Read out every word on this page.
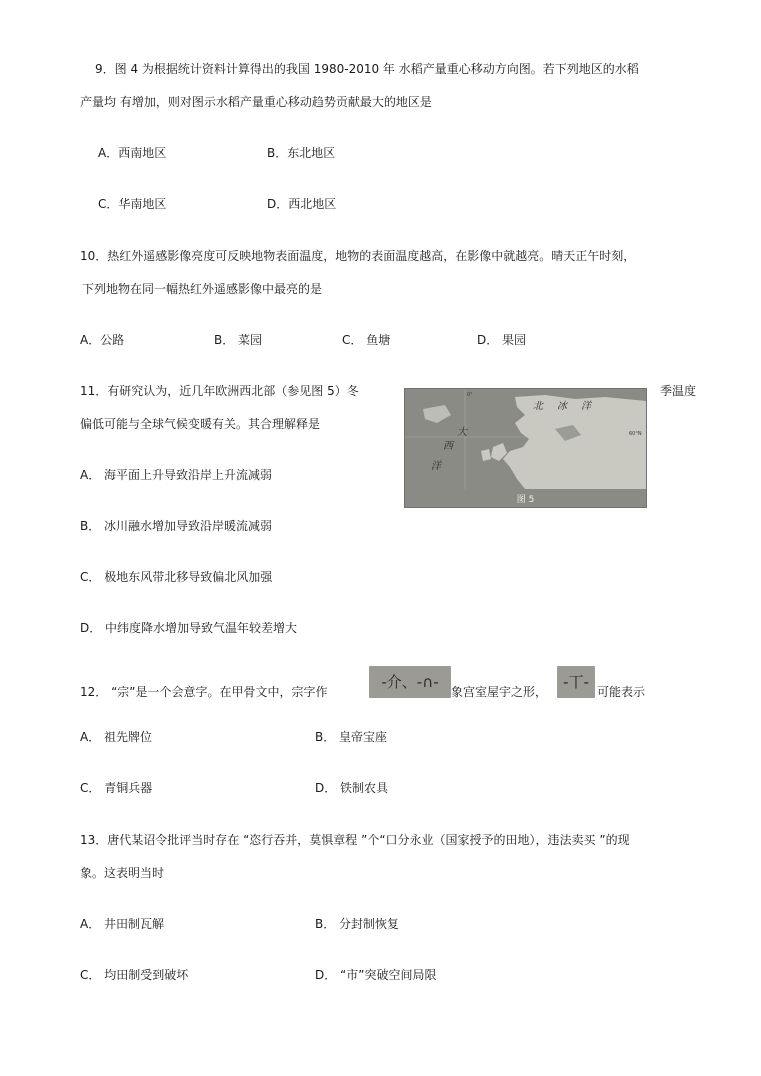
9．图 4 为根据统计资料计算得出的我国 1980-2010 年 水稻产量重心移动方向图。若下列地区的水稻
产量均 有增加，则对图示水稻产量重心移动趋势贡献最大的地区是
A．西南地区	B．东北地区
C．华南地区	D．西北地区
10．热红外遥感影像亮度可反映地物表面温度，地物的表面温度越高，在影像中就越亮。晴天正午时刻，
下列地物在同一幅热红外遥感影像中最亮的是
A．公路	B． 菜园	C． 鱼塘	D． 果园
11．有研究认为，近几年欧洲西北部（参见图 5）冬	季温度
偏低可能与全球气候变暖有关。其合理解释是
北 冰 洋
大
西
洋
0°
60°N
图 5
A． 海平面上升导致沿岸上升流减弱
B． 冰川融水增加导致沿岸暖流减弱
C． 极地东风带北移导致偏北风加强
D． 中纬度降水增加导致气温年较差增大
12． “宗”是一个会意字。在甲骨文中，宗字作
-介、-∩-
象宫室屋宇之形，
-丅-
可能表示
A． 祖先牌位	B． 皇帝宝座
C． 青铜兵器	D． 铁制农具
13．唐代某诏令批评当时存在 “恣行吞并，莫惧章程 ”个“口分永业（国家授予的田地），违法卖买 ”的现
象。这表明当时
A． 井田制瓦解	B． 分封制恢复
C． 均田制受到破坏	D． “市”突破空间局限
